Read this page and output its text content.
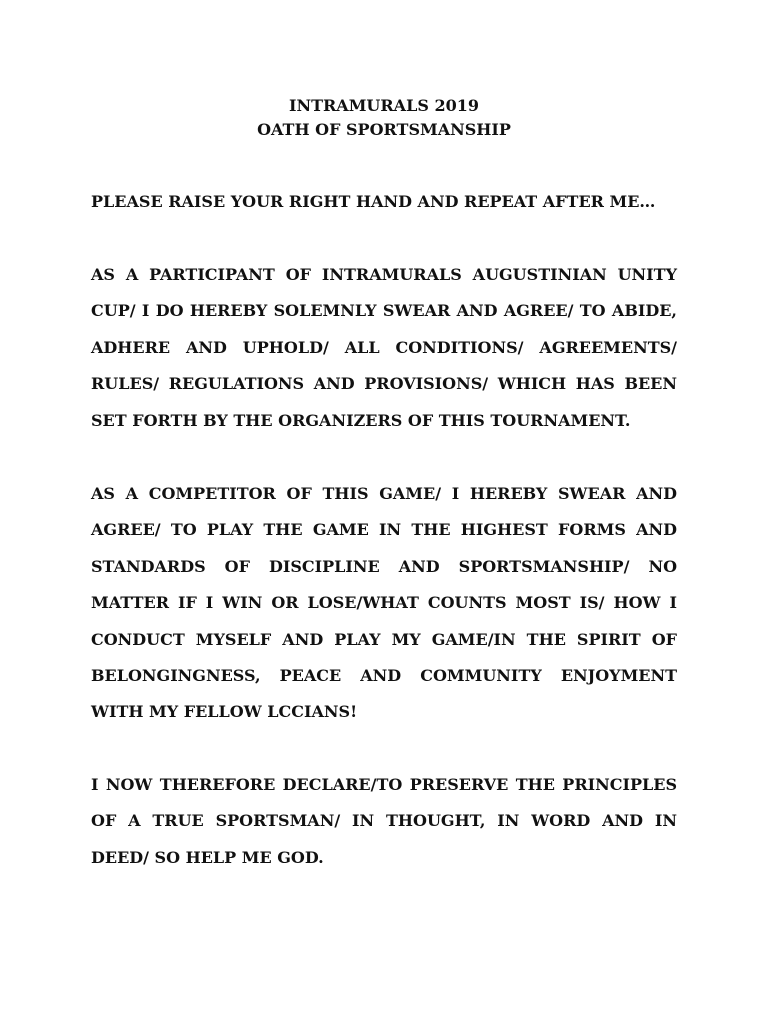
INTRAMURALS 2019
OATH OF SPORTSMANSHIP
PLEASE RAISE YOUR RIGHT HAND AND REPEAT AFTER ME…
AS A PARTICIPANT OF INTRAMURALS AUGUSTINIAN UNITY CUP/ I DO HEREBY SOLEMNLY SWEAR AND AGREE/ TO ABIDE, ADHERE AND UPHOLD/ ALL CONDITIONS/ AGREEMENTS/ RULES/ REGULATIONS AND PROVISIONS/ WHICH HAS BEEN SET FORTH BY THE ORGANIZERS OF THIS TOURNAMENT.
AS A COMPETITOR OF THIS GAME/ I HEREBY SWEAR AND AGREE/ TO PLAY THE GAME IN THE HIGHEST FORMS AND STANDARDS OF DISCIPLINE AND SPORTSMANSHIP/ NO MATTER IF I WIN OR LOSE/WHAT COUNTS MOST IS/ HOW I CONDUCT MYSELF AND PLAY MY GAME/IN THE SPIRIT OF BELONGINGNESS, PEACE AND COMMUNITY ENJOYMENT WITH MY FELLOW LCCIANS!
I NOW THEREFORE DECLARE/TO PRESERVE THE PRINCIPLES OF A TRUE SPORTSMAN/ IN THOUGHT, IN WORD AND IN DEED/ SO HELP ME GOD.
